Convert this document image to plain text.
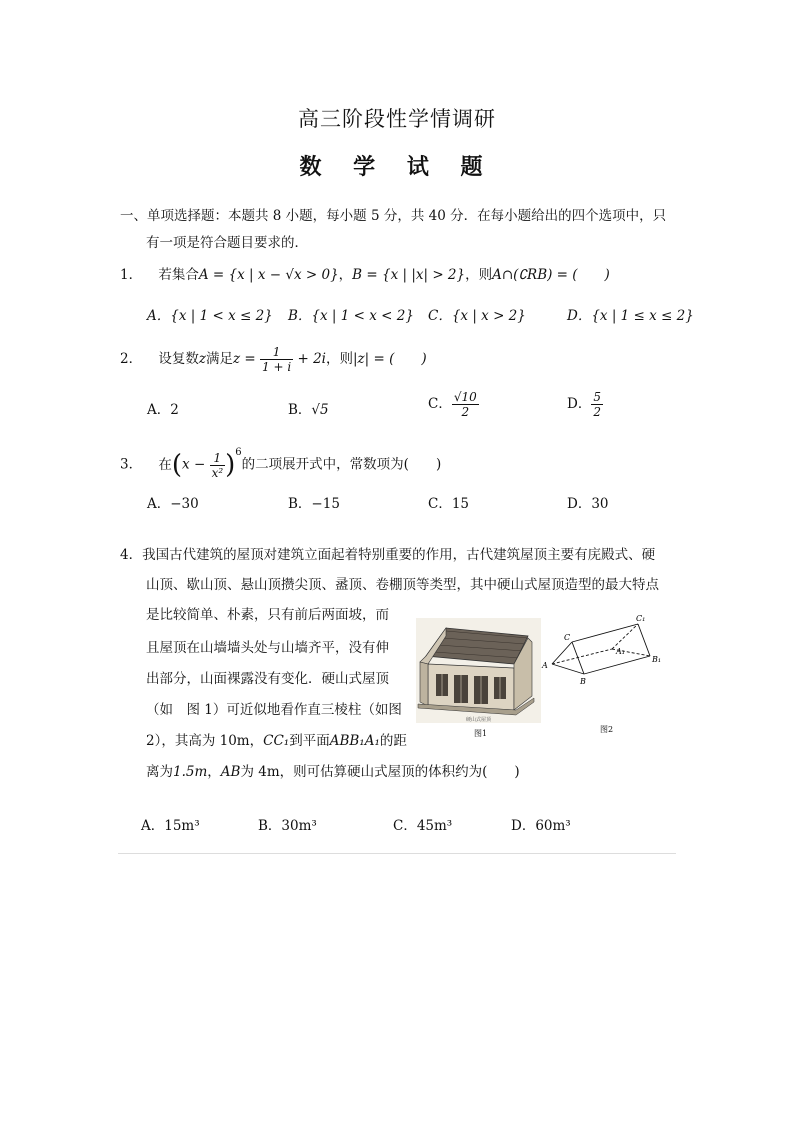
高三阶段性学情调研
数 学 试 题
一、单项选择题：本题共 8 小题，每小题 5 分，共 40 分．在每小题给出的四个选项中，只
有一项是符合题目要求的．
1． 若集合A = {x | x − √x > 0}，B = {x | |x| > 2}，则A∩(∁RB) = (　　)
A．{x | 1 < x ≤ 2} B．{x | 1 < x < 2} C．{x | x > 2}	D．{x | 1 ≤ x ≤ 2}
2． 设复数z满足$z = \frac{1}{1 + i} + 2i$，则|z| = (　　)
A．2	B．√5	C． $\frac{√10}{2}$	D． $\frac{5}{2}$
3． 在$(x - \frac{1}{\text{x²}} )^6$的二项展开式中，常数项为(　　)
A．−30	B．−15	C．15	D．30
4．我国古代建筑的屋顶对建筑立面起着特别重要的作用，古代建筑屋顶主要有庑殿式、硬
山顶、歇山顶、悬山顶攒尖顶、盝顶、卷棚顶等类型，其中硬山式屋顶造型的最大特点
是比较简单、朴素，只有前后两面坡，而
且屋顶在山墙墙头处与山墙齐平，没有伸
出部分，山面裸露没有变化．硬山式屋顶
（如　图 1）可近似地看作直三棱柱（如图
2），其高为 10m，CC₁到平面ABB₁A₁的距
离为1.5m，AB为 4m，则可估算硬山式屋顶的体积约为(　　)
硬山式屋顶
图1
A
B
C
A₁
B₁
C₁
图2
A．15m³	B．30m³	C．45m³	D．60m³
